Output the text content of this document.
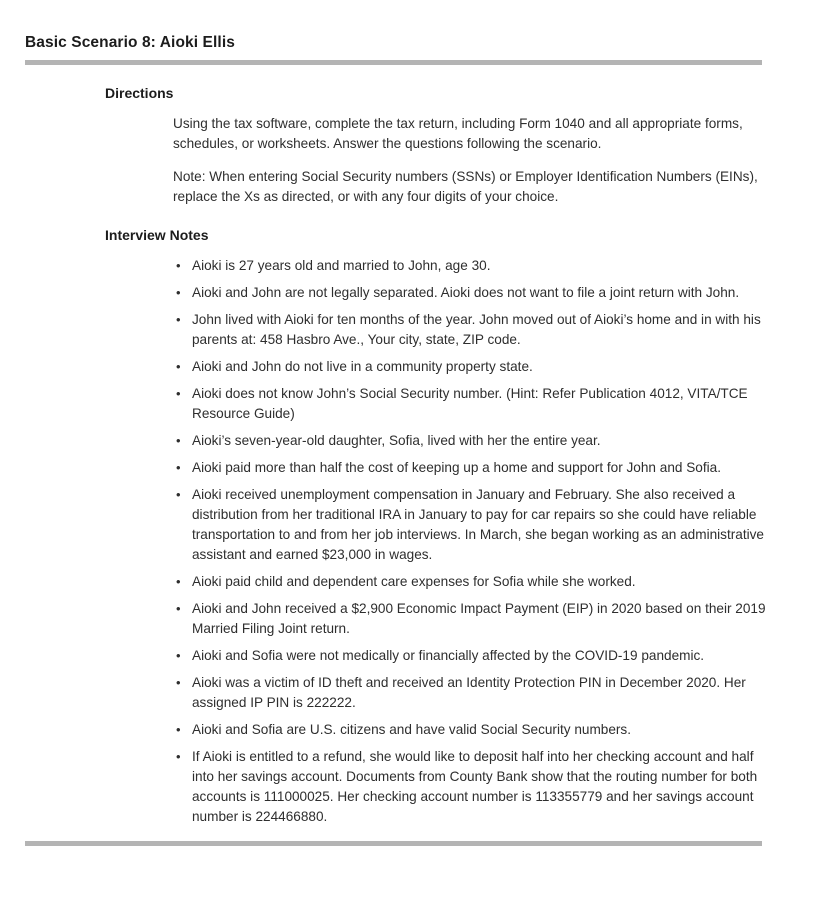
Basic Scenario 8: Aioki Ellis
Directions

Using the tax software, complete the tax return, including Form 1040 and all appropriate forms, schedules, or worksheets. Answer the questions following the scenario.

Note: When entering Social Security numbers (SSNs) or Employer Identification Numbers (EINs), replace the Xs as directed, or with any four digits of your choice.

Interview Notes
• Aioki is 27 years old and married to John, age 30.
• Aioki and John are not legally separated. Aioki does not want to file a joint return with John.
• John lived with Aioki for ten months of the year. John moved out of Aioki’s home and in with his parents at: 458 Hasbro Ave., Your city, state, ZIP code.
• Aioki and John do not live in a community property state.
• Aioki does not know John’s Social Security number. (Hint: Refer Publication 4012, VITA/TCE Resource Guide)
• Aioki’s seven-year-old daughter, Sofia, lived with her the entire year.
• Aioki paid more than half the cost of keeping up a home and support for John and Sofia.
• Aioki received unemployment compensation in January and February. She also received a distribution from her traditional IRA in January to pay for car repairs so she could have reliable transportation to and from her job interviews. In March, she began working as an administrative assistant and earned $23,000 in wages.
• Aioki paid child and dependent care expenses for Sofia while she worked.
• Aioki and John received a $2,900 Economic Impact Payment (EIP) in 2020 based on their 2019 Married Filing Joint return.
• Aioki and Sofia were not medically or financially affected by the COVID-19 pandemic.
• Aioki was a victim of ID theft and received an Identity Protection PIN in December 2020. Her assigned IP PIN is 222222.
• Aioki and Sofia are U.S. citizens and have valid Social Security numbers.
• If Aioki is entitled to a refund, she would like to deposit half into her checking account and half into her savings account. Documents from County Bank show that the routing number for both accounts is 111000025. Her checking account number is 113355779 and her savings account number is 224466880.
